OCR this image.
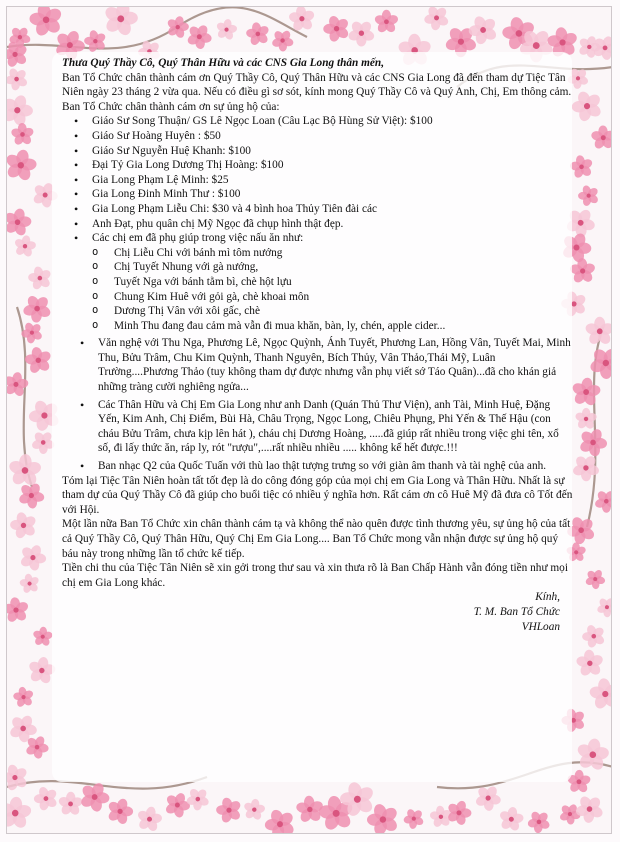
Thưa Quý Thầy Cô, Quý Thân Hữu và các CNS Gia Long thân mến,

Ban Tổ Chức chân thành cám ơn Quý Thầy Cô, Quý Thân Hữu và các CNS Gia Long đã đến tham dự Tiệc Tân Niên ngày 23 tháng 2 vừa qua. Nếu có điều gì sơ sót, kính mong Quý Thầy Cô và Quý Anh, Chị, Em thông cảm.

Ban Tổ Chức chân thành cám ơn sự ủng hộ của:

• Giáo Sư Song Thuận/ GS Lê Ngọc Loan (Câu Lạc Bộ Hùng Sử Việt): $100
• Giáo Sư Hoàng Huyên : $50
• Giáo Sư Nguyễn Huệ Khanh: $100
• Đại Tỷ Gia Long Dương Thị Hoàng: $100
• Gia Long Phạm Lệ Minh: $25
• Gia Long Đinh Minh Thư : $100
• Gia Long Phạm Liễu Chi: $30 và 4 bình hoa Thủy Tiên đài các
• Anh Đạt, phu quân chị Mỹ Ngọc đã chụp hình thật đẹp.
• Các chị em đã phụ giúp trong việc nấu ăn như:
o Chị Liễu Chi với bánh mì tôm nướng
o Chị Tuyết Nhung với gà nướng,
o Tuyết Nga với bánh tằm bì, chè hột lựu
o Chung Kim Huê với gỏi gà, chè khoai môn
o Dương Thị Vân với xôi gấc, chè
o Minh Thu đang đau cảm mà vẫn đi mua khăn, bàn, ly, chén, apple cider...
• Văn nghệ với Thu Nga, Phương Lê, Ngọc Quỳnh, Ánh Tuyết, Phương Lan, Hồng Vân, Tuyết Mai, Minh Thu, Bửu Trâm, Chu Kim Quỳnh, Thanh Nguyên, Bích Thủy, Vân Thảo,Thái Mỹ, Luân Trường....Phương Thảo (tuy không tham dự được nhưng vẫn phụ viết sớ Táo Quân)...đã cho khán giả những tràng cười nghiêng ngửa...
• Các Thân Hữu và Chị Em Gia Long như anh Danh (Quán Thủ Thư Viện), anh Tài, Minh Huệ, Đặng Yến, Kim Anh, Chị Điểm, Bùi Hà, Châu Trọng, Ngọc Long, Chiêu Phụng, Phi Yến & Thế Hậu (con cháu Bửu Trâm, chưa kịp lên hát ), cháu chị Dương Hoàng, .....đã giúp rất nhiều trong việc ghi tên, xổ số, đi lấy thức ăn, ráp ly, rót "rượu",....rất nhiều nhiều ..... không kể hết được.!!!
• Ban nhạc Q2 của Quốc Tuấn với thù lao thật tượng trưng so với giàn âm thanh và tài nghệ của anh.

Tóm lại Tiệc Tân Niên hoàn tất tốt đẹp là do công đóng góp của mọi chị em Gia Long và Thân Hữu. Nhất là sự tham dự của Quý Thầy Cô đã giúp cho buổi tiệc có nhiều ý nghĩa hơn. Rất cám ơn cô Huê Mỹ đã đưa cô Tốt đến với Hội.

Một lần nữa Ban Tổ Chức xin chân thành cám tạ và không thể nào quên được tình thương yêu, sự ủng hộ của tất cả Quý Thầy Cô, Quý Thân Hữu, Quý Chị Em Gia Long.... Ban Tổ Chức mong vẫn nhận được sự ủng hộ quý báu này trong những lần tổ chức kế tiếp.

Tiền chi thu của Tiệc Tân Niên sẽ xin gởi trong thư sau và xin thưa rõ là Ban Chấp Hành vẫn đóng tiền như mọi chị em Gia Long khác.

Kính,
T. M. Ban Tổ Chức
VHLoan
